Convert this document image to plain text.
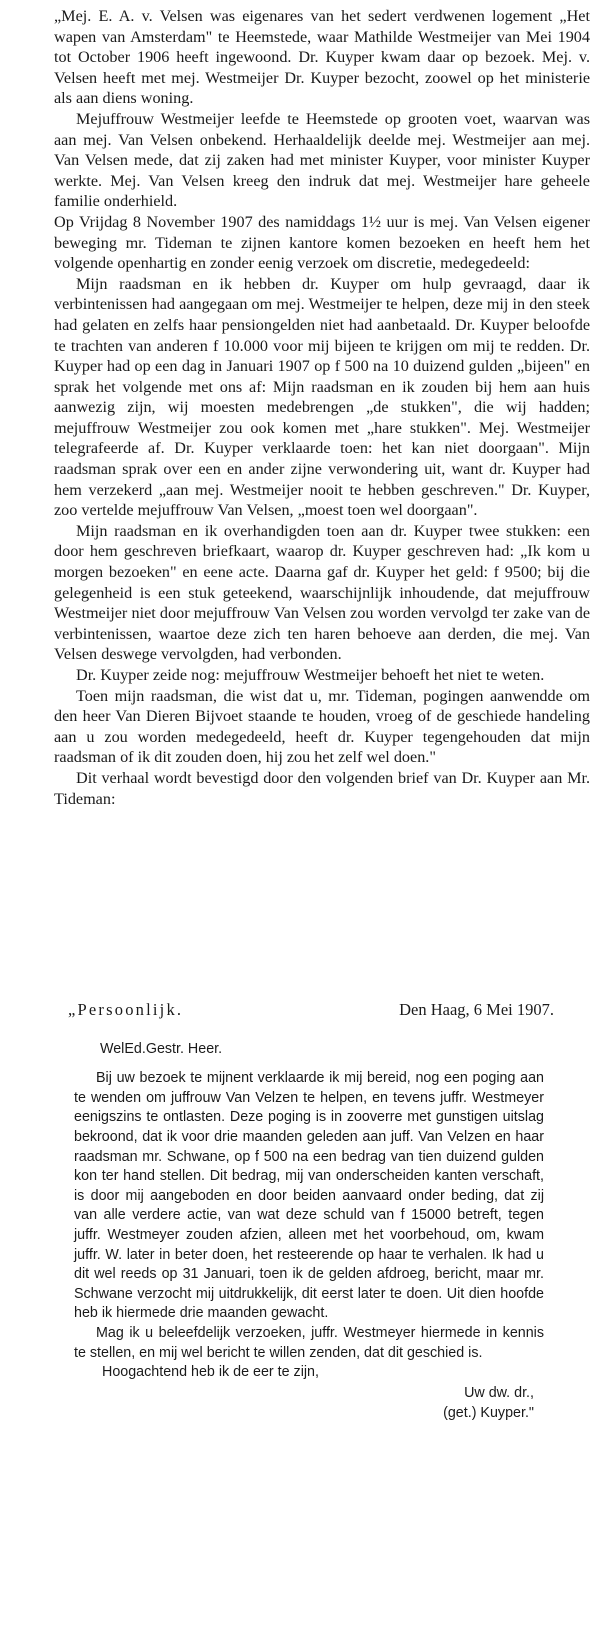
„Mej. E. A. v. Velsen was eigenares van het sedert verdwenen logement „Het wapen van Amsterdam" te Heemstede, waar Mathilde Westmeijer van Mei 1904 tot October 1906 heeft ingewoond. Dr. Kuyper kwam daar op bezoek. Mej. v. Velsen heeft met mej. Westmeijer Dr. Kuyper bezocht, zoowel op het ministerie als aan diens woning.

Mejuffrouw Westmeijer leefde te Heemstede op grooten voet, waarvan was aan mej. Van Velsen onbekend. Herhaaldelijk deelde mej. Westmeijer aan mej. Van Velsen mede, dat zij zaken had met minister Kuyper, voor minister Kuyper werkte. Mej. Van Velsen kreeg den indruk dat mej. Westmeijer hare geheele familie onderhield.

Op Vrijdag 8 November 1907 des namiddags 1½ uur is mej. Van Velsen eigener beweging mr. Tideman te zijnen kantore komen bezoeken en heeft hem het volgende openhartig en zonder eenig verzoek om discretie, medegedeeld:

Mijn raadsman en ik hebben dr. Kuyper om hulp gevraagd, daar ik verbintenissen had aangegaan om mej. Westmeijer te helpen, deze mij in den steek had gelaten en zelfs haar pensiongelden niet had aanbetaald. Dr. Kuyper beloofde te trachten van anderen f 10.000 voor mij bijeen te krijgen om mij te redden. Dr. Kuyper had op een dag in Januari 1907 op f 500 na 10 duizend gulden „bijeen" en sprak het volgende met ons af: Mijn raadsman en ik zouden bij hem aan huis aanwezig zijn, wij moesten medebrengen „de stukken", die wij hadden; mejuffrouw Westmeijer zou ook komen met „hare stukken". Mej. Westmeijer telegrafeerde af. Dr. Kuyper verklaarde toen: het kan niet doorgaan". Mijn raadsman sprak over een en ander zijne verwondering uit, want dr. Kuyper had hem verzekerd „aan mej. Westmeijer nooit te hebben geschreven." Dr. Kuyper, zoo vertelde mejuffrouw Van Velsen, „moest toen wel doorgaan".

Mijn raadsman en ik overhandigden toen aan dr. Kuyper twee stukken: een door hem geschreven briefkaart, waarop dr. Kuyper geschreven had: „Ik kom u morgen bezoeken" en eene acte. Daarna gaf dr. Kuyper het geld: f 9500; bij die gelegenheid is een stuk geteekend, waarschijnlijk inhoudende, dat mejuffrouw Westmeijer niet door mejuffrouw Van Velsen zou worden vervolgd ter zake van de verbintenissen, waartoe deze zich ten haren behoeve aan derden, die mej. Van Velsen deswege vervolgden, had verbonden.

Dr. Kuyper zeide nog: mejuffrouw Westmeijer behoeft het niet te weten.

Toen mijn raadsman, die wist dat u, mr. Tideman, pogingen aanwendde om den heer Van Dieren Bijvoet staande te houden, vroeg of de geschiede handeling aan u zou worden medegedeeld, heeft dr. Kuyper tegengehouden dat mijn raadsman of ik dit zouden doen, hij zou het zelf wel doen."

Dit verhaal wordt bevestigd door den volgenden brief van Dr. Kuyper aan Mr. Tideman:

„Persoonlijk.	Den Haag, 6 Mei 1907.
WelEd.Gestr. Heer.

Bij uw bezoek te mijnent verklaarde ik mij bereid, nog een poging aan te wenden om juffrouw Van Velzen te helpen, en tevens juffr. Westmeyer eenigszins te ontlasten. Deze poging is in zooverre met gunstigen uitslag bekroond, dat ik voor drie maanden geleden aan juff. Van Velzen en haar raadsman mr. Schwane, op f 500 na een bedrag van tien duizend gulden kon ter hand stellen. Dit bedrag, mij van onderscheiden kanten verschaft, is door mij aangeboden en door beiden aanvaard onder beding, dat zij van alle verdere actie, van wat deze schuld van f 15000 betreft, tegen juffr. Westmeyer zouden afzien, alleen met het voorbehoud, om, kwam juffr. W. later in beter doen, het resteerende op haar te verhalen. Ik had u dit wel reeds op 31 Januari, toen ik de gelden afdroeg, bericht, maar mr. Schwane verzocht mij uitdrukkelijk, dit eerst later te doen. Uit dien hoofde heb ik hiermede drie maanden gewacht.

Mag ik u beleefdelijk verzoeken, juffr. Westmeyer hiermede in kennis te stellen, en mij wel bericht te willen zenden, dat dit geschied is.

Hoogachtend heb ik de eer te zijn,
Uw dw. dr.,
(get.) Kuyper."
